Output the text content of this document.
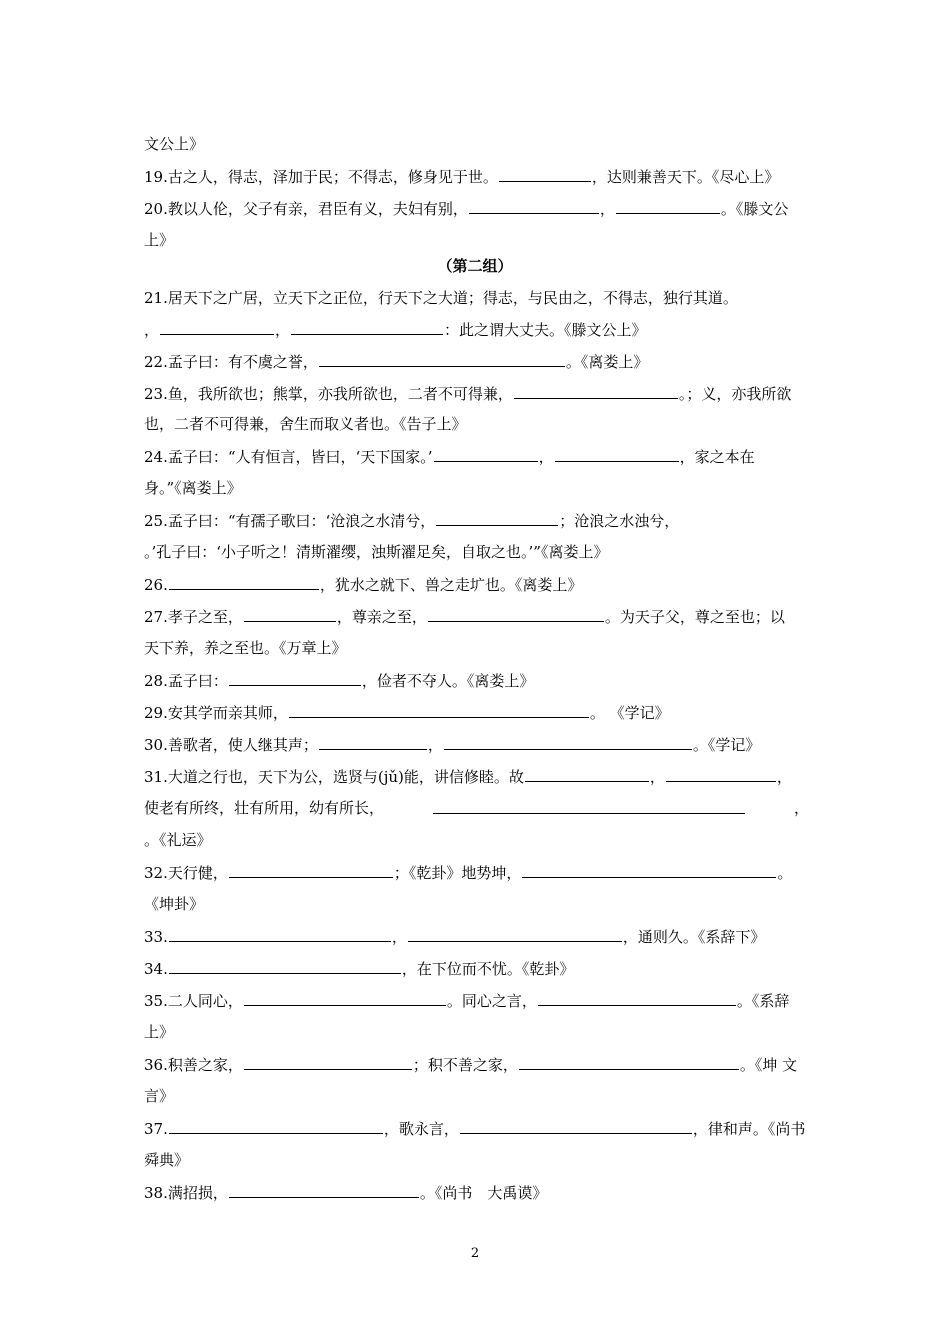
文公上》
19.古之人，得志，泽加于民；不得志，修身见于世。	，达则兼善天下。《尽心上》
20.教以人伦，父子有亲，君臣有义，夫妇有别，	，	。《滕文公
上》
（第二组）
21.居天下之广居，立天下之正位，行天下之大道；得志，与民由之，不得志，独行其道。
，	，	：此之谓大丈夫。《滕文公上》
22.孟子曰：有不虞之誉，	。《离娄上》
23.鱼，我所欲也；熊掌，亦我所欲也，二者不可得兼，	。；义，亦我所欲
也，二者不可得兼，舍生而取义者也。《告子上》
24.孟子曰：“人有恒言，皆曰，‘天下国家。’	，	，家之本在
身。”《离娄上》
25.孟子曰：“有孺子歌曰：‘沧浪之水清兮，	；沧浪之水浊兮，
。’孔子曰：‘小子听之！清斯濯缨，浊斯濯足矣，自取之也。’”《离娄上》
26.	，犹水之就下、兽之走圹也。《离娄上》
27.孝子之至，	，尊亲之至，	。为天子父，尊之至也；以
天下养，养之至也。《万章上》
28.孟子曰：	，俭者不夺人。《离娄上》
29.安其学而亲其师，	。 《学记》
30.善歌者，使人继其声；	，	。《学记》
31.大道之行也，天下为公，选贤与(jǔ)能，讲信修睦。故	，	，
使老有所终，壮有所用，幼有所长，	，
。《礼运》
32.天行健，	；《乾卦》地势坤，	。
《坤卦》
33.	，	，通则久。《系辞下》
34.	，在下位而不忧。《乾卦》
35.二人同心，	。同心之言，	。《系辞
上》
36.积善之家，	；积不善之家，	。《坤 文
言》
37.	，歌永言，	，律和声。《尚书
舜典》
38.满招损，	。《尚书　大禹谟》
2
